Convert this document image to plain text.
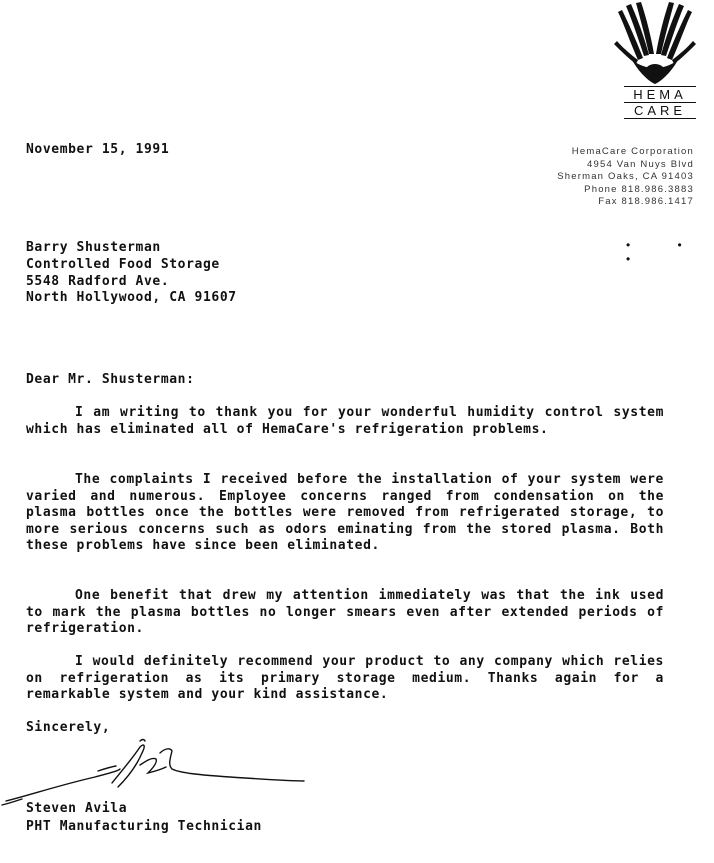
HEMA
CARE
HemaCare Corporation
4954 Van Nuys Blvd
Sherman Oaks, CA 91403
Phone 818.986.3883
Fax 818.986.1417
• • •
November 15, 1991
Barry Shusterman
Controlled Food Storage
5548 Radford Ave.
North Hollywood, CA 91607
Dear Mr. Shusterman:
I am writing to thank you for your wonderful humidity control system which has eliminated all of HemaCare's refrigeration problems.
The complaints I received before the installation of your system were varied and numerous. Employee concerns ranged from condensation on the plasma bottles once the bottles were removed from refrigerated storage, to more serious concerns such as odors eminating from the stored plasma. Both these problems have since been eliminated.
One benefit that drew my attention immediately was that the ink used to mark the plasma bottles no longer smears even after extended periods of refrigeration.
I would definitely recommend your product to any company which relies on refrigeration as its primary storage medium. Thanks again for a remarkable system and your kind assistance.
Sincerely,
Steven Avila
PHT Manufacturing Technician
